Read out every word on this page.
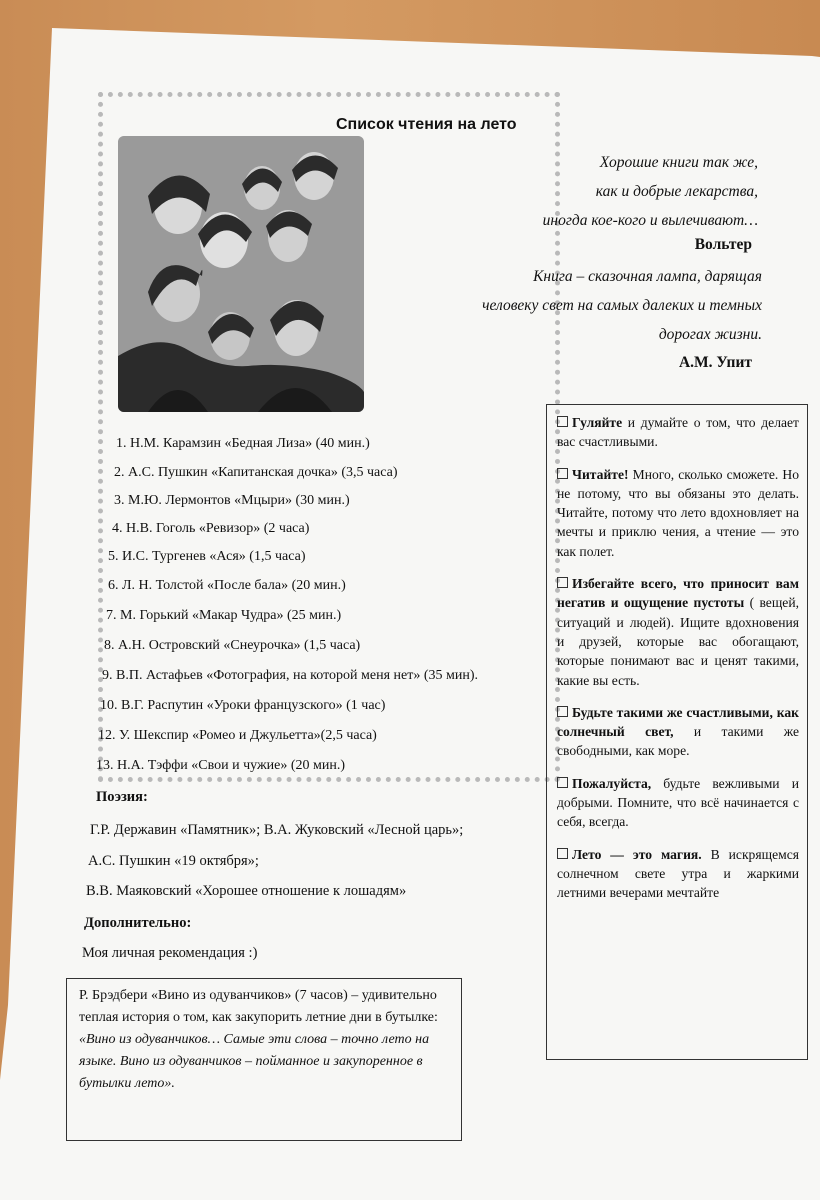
Список чтения на лето
Хорошие книги так же,
как и добрые лекарства,
иногда кое-кого и вылечивают…
Вольтер
Книга – сказочная лампа, дарящая
человеку свет на самых далеких и темных
дорогах жизни.
А.М. Упит
1. Н.М. Карамзин «Бедная Лиза» (40 мин.)
2. А.С. Пушкин «Капитанская дочка» (3,5 часа)
3. М.Ю. Лермонтов «Мцыри» (30 мин.)
4. Н.В. Гоголь «Ревизор» (2 часа)
5. И.С. Тургенев «Ася» (1,5 часа)
6. Л. Н. Толстой «После бала» (20 мин.)
7. М. Горький «Макар Чудра» (25 мин.)
8. А.Н. Островский «Снеурочка» (1,5 часа)
9. В.П. Астафьев «Фотография, на которой меня нет» (35 мин).
10. В.Г. Распутин «Уроки французского» (1 час)
12. У. Шекспир «Ромео и Джульетта»(2,5 часа)
13. Н.А. Тэффи «Свои и чужие» (20 мин.)
Поэзия:
Г.Р. Державин «Памятник»; В.А. Жуковский «Лесной царь»;
А.С. Пушкин «19 октября»;
В.В. Маяковский «Хорошее отношение к лошадям»
Дополнительно:
Моя личная рекомендация :)
Р. Брэдбери «Вино из одуванчиков» (7 часов) – удивительно теплая история о том, как закупорить летние дни в бутылке: «Вино из одуванчиков… Самые эти слова – точно лето на языке. Вино из одуванчиков – пойманное и закупоренное в бутылки лето».

Гуляйте и думайте о том, что делает вас счастливыми.

Читайте! Много, сколько сможете. Но не потому, что вы обязаны это делать. Читайте, потому что лето вдохновляет на мечты и приклю чения, а чтение — это как полет.

Избегайте всего, что приносит вам негатив и ощущение пустоты ( вещей, ситуаций и людей). Ищите вдохновения и друзей, которые вас обогащают, которые понимают вас и ценят такими, какие вы есть.

Будьте такими же счастливыми, как солнечный свет, и такими же свободными, как море.

Пожалуйста, будьте вежливыми и добрыми. Помните, что всё начинается с себя, всегда.

Лето — это магия. В искрящемся солнечном свете утра и жаркими летними вечерами мечтайте
